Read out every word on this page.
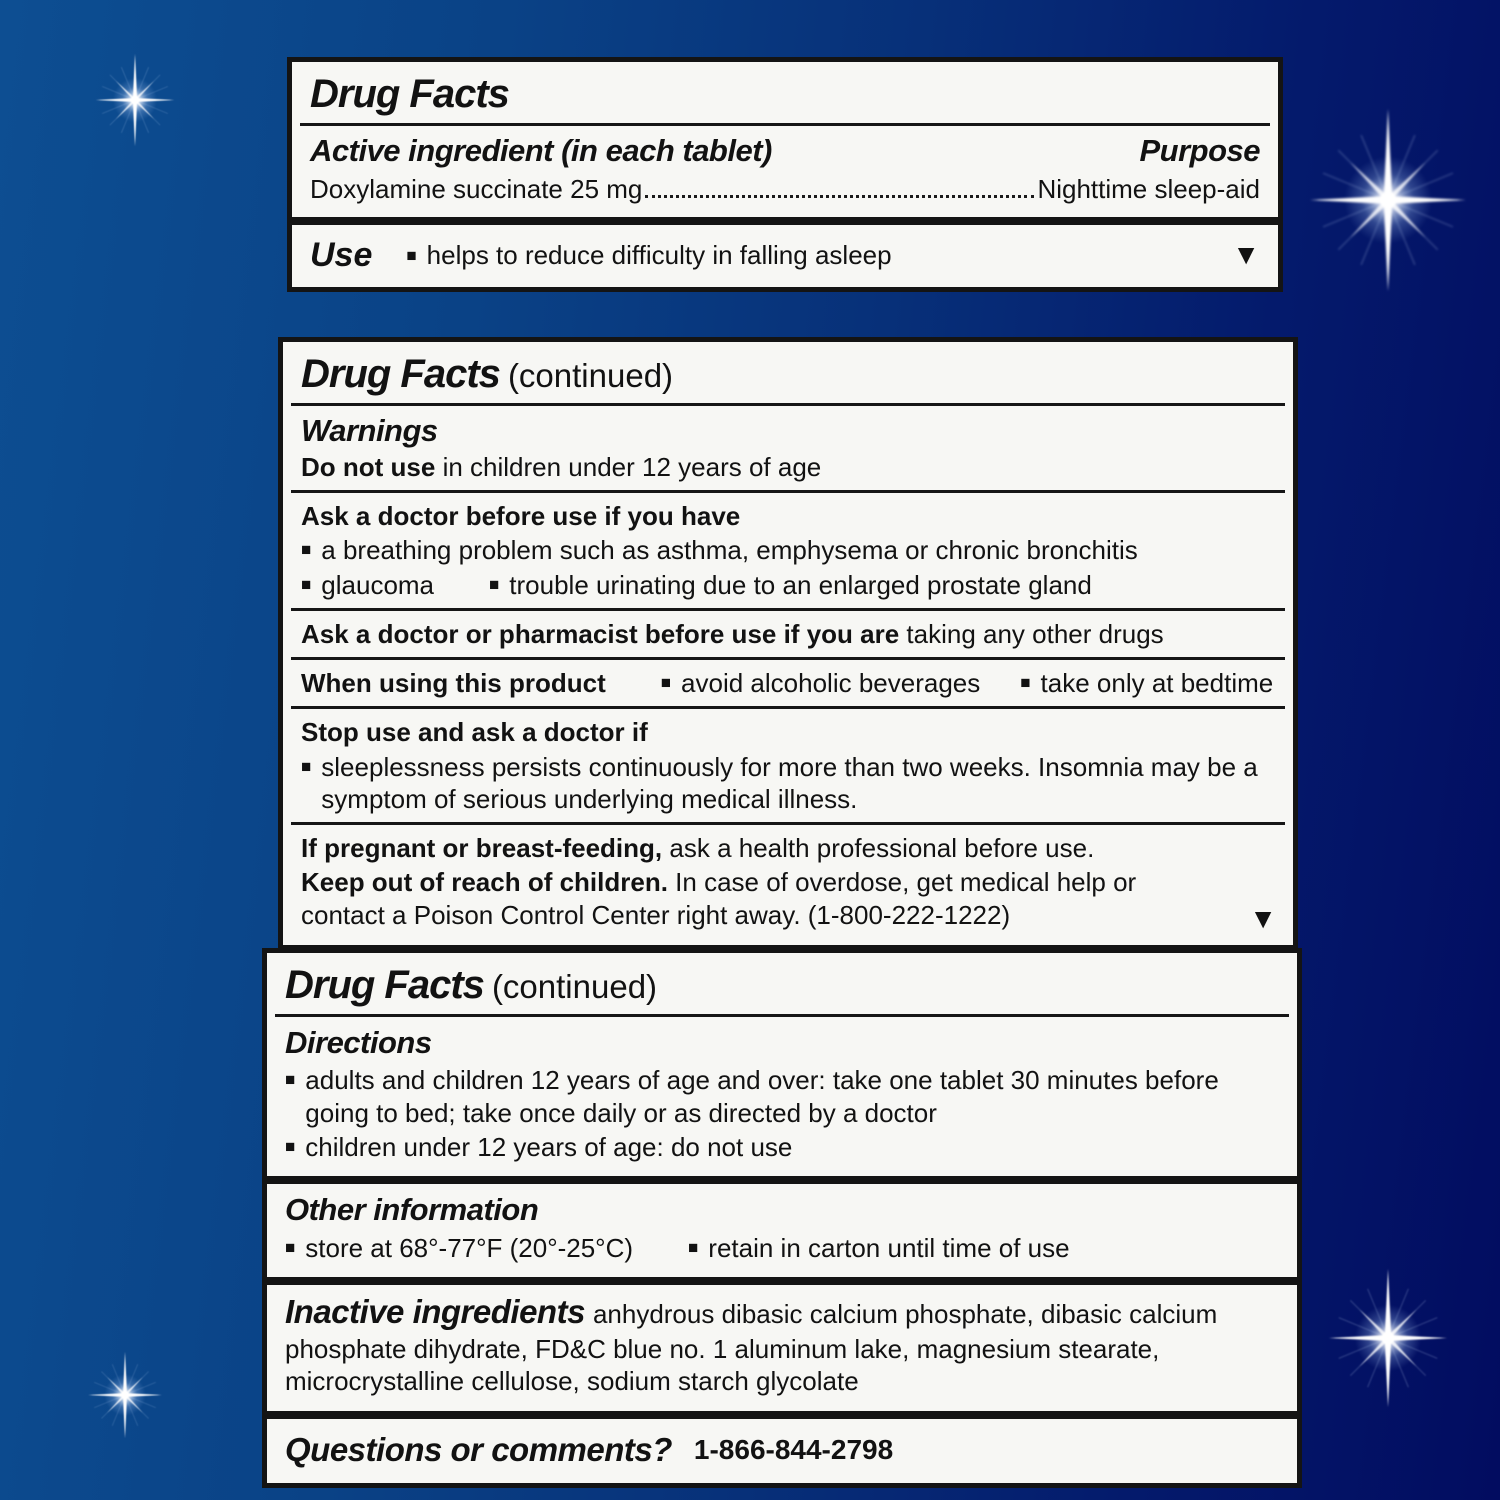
Drug Facts
Active ingredient (in each tablet)	Purpose
Doxylamine succinate 25 mg	Nighttime sleep-aid
Use ■ helps to reduce difficulty in falling asleep	▼
Drug Facts (continued)
Warnings
Do not use in children under 12 years of age
Ask a doctor before use if you have
■ a breathing problem such as asthma, emphysema or chronic bronchitis
■ glaucoma	■ trouble urinating due to an enlarged prostate gland
Ask a doctor or pharmacist before use if you are taking any other drugs
When using this product	■ avoid alcoholic beverages ■ take only at bedtime
Stop use and ask a doctor if
■ sleeplessness persists continuously for more than two weeks. Insomnia may be a symptom of serious underlying medical illness.
If pregnant or breast-feeding, ask a health professional before use.
Keep out of reach of children. In case of overdose, get medical help or contact a Poison Control Center right away. (1-800-222-1222)	▼
Drug Facts (continued)
Directions
■ adults and children 12 years of age and over: take one tablet 30 minutes before going to bed; take once daily or as directed by a doctor
■ children under 12 years of age: do not use
Other information
■ store at 68°-77°F (20°-25°C)	■ retain in carton until time of use
Inactive ingredients anhydrous dibasic calcium phosphate, dibasic calcium phosphate dihydrate, FD&C blue no. 1 aluminum lake, magnesium stearate, microcrystalline cellulose, sodium starch glycolate
Questions or comments? 1-866-844-2798
